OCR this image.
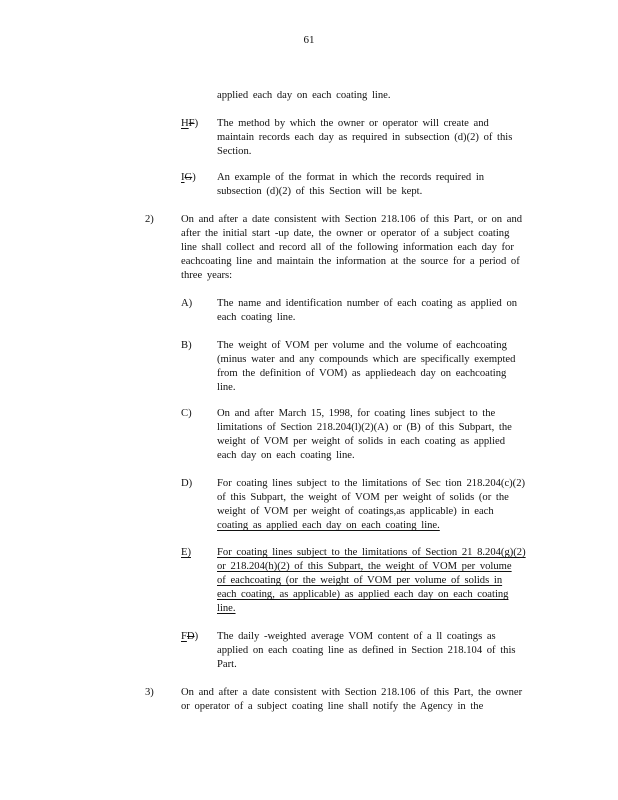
61
applied each day on each coating line.
HF) The method by which the owner or operator will create and
maintain records each day as required in subsection (d)(2) of this
Section.
IG) An example of the format in which the records required in
subsection (d)(2) of this Section will be kept.
2)	On and after a date consistent with Section 218.106 of this Part, or on and
after the initial start -up date, the owner or operator of a subject coating
line shall collect and record all of the following information each day for
eachcoating line and maintain the information at the source for a period of
three years:
A) The name and identification number of each coating as applied on
each coating line.
B) The weight of VOM per volume and the volume of eachcoating
(minus water and any compounds which are specifically exempted
from the definition of VOM) as appliedeach day on eachcoating
line.
C) On and after March 15, 1998, for coating lines subject to the
limitations of Section 218.204(l)(2)(A) or (B) of this Subpart, the
weight of VOM per weight of solids in each coating as applied
each day on each coating line.
D) For coating lines subject to the limitations of Sec tion 218.204(c)(2)
of this Subpart, the weight of VOM per weight of solids (or the
weight of VOM per weight of coatings,as applicable) in each
coating as applied each day on each coating line.
E) For coating lines subject to the limitations of Section 21 8.204(g)(2)
or 218.204(h)(2) of this Subpart, the weight of VOM per volume
of eachcoating (or the weight of VOM per volume of solids in
each coating, as applicable) as applied each day on each coating
line.
FD) The daily -weighted average VOM content of a ll coatings as
applied on each coating line as defined in Section 218.104 of this
Part.
3)	On and after a date consistent with Section 218.106 of this Part, the owner
or operator of a subject coating line shall notify the Agency in the
